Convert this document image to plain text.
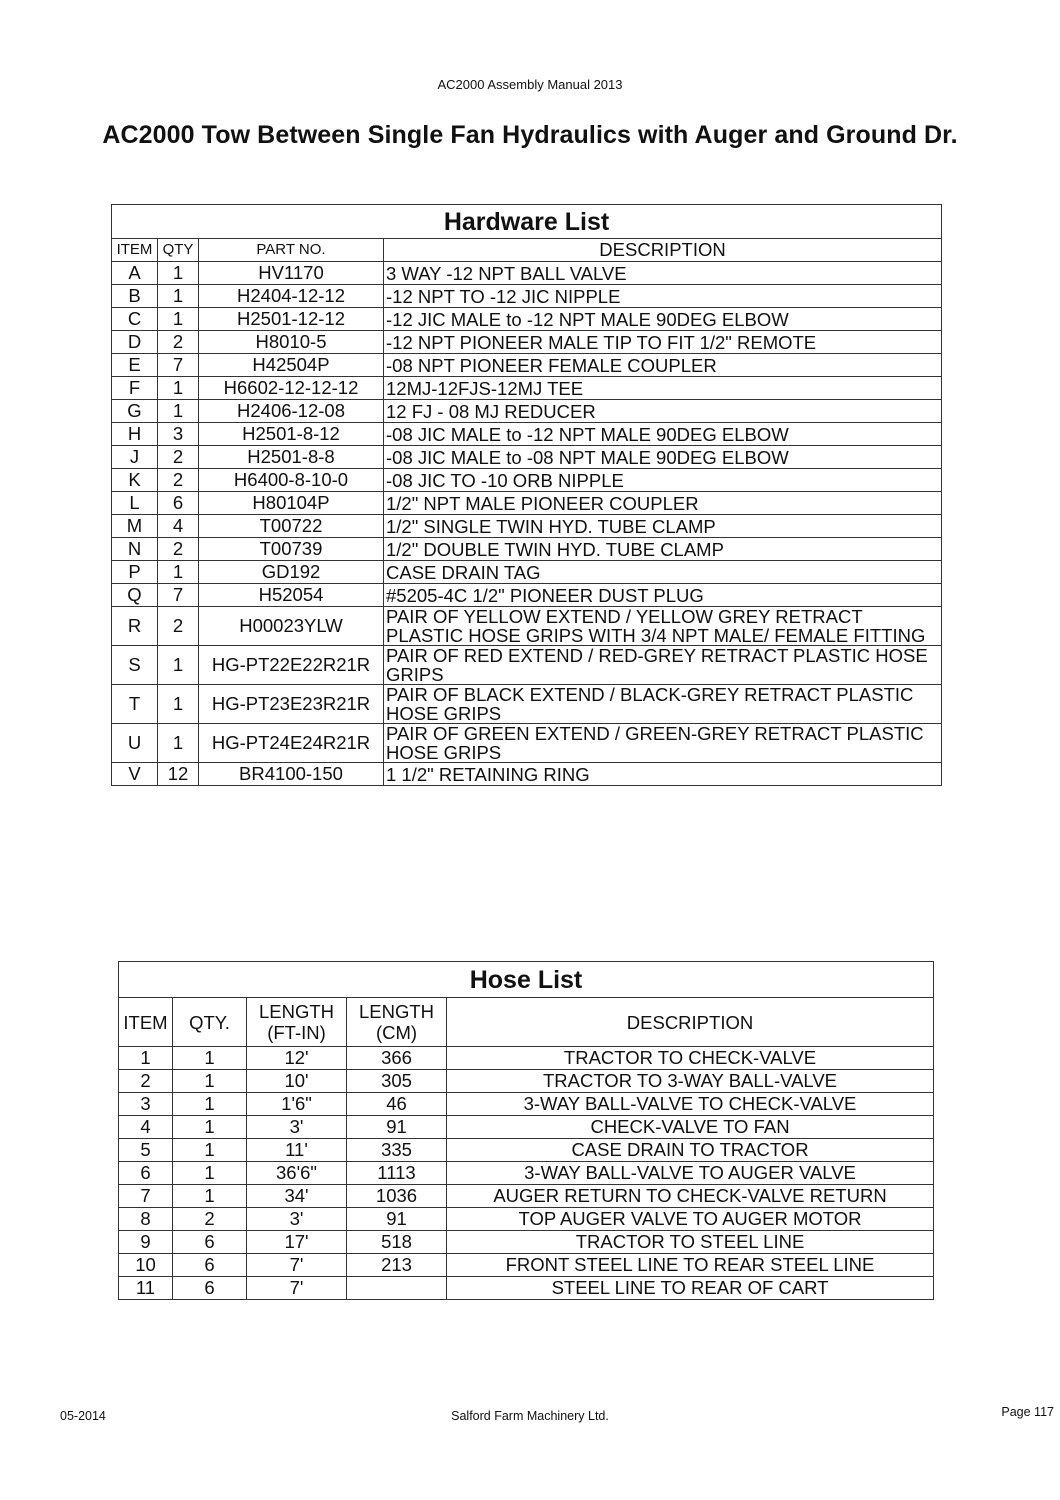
AC2000 Assembly Manual 2013
AC2000 Tow Between Single Fan Hydraulics with Auger and Ground Dr.
Hardware List			
ITEM	QTY	PART NO.	DESCRIPTION
A	1	HV1170	3 WAY -12 NPT BALL VALVE
B	1	H2404-12-12	-12 NPT TO -12 JIC NIPPLE
C	1	H2501-12-12	-12 JIC MALE to -12 NPT MALE 90DEG ELBOW
D	2	H8010-5	-12 NPT PIONEER MALE TIP TO FIT 1/2" REMOTE
E	7	H42504P	-08 NPT PIONEER FEMALE COUPLER
F	1	H6602-12-12-12	12MJ-12FJS-12MJ TEE
G	1	H2406-12-08	12 FJ - 08 MJ REDUCER
H	3	H2501-8-12	-08 JIC MALE to -12 NPT MALE 90DEG ELBOW
J	2	H2501-8-8	-08 JIC MALE to -08 NPT MALE 90DEG ELBOW
K	2	H6400-8-10-0	-08 JIC TO -10 ORB NIPPLE
L	6	H80104P	1/2" NPT MALE PIONEER COUPLER
M	4	T00722	1/2" SINGLE TWIN HYD. TUBE CLAMP
N	2	T00739	1/2" DOUBLE TWIN HYD. TUBE CLAMP
P	1	GD192	CASE DRAIN TAG
Q	7	H52054	#5205-4C 1/2" PIONEER DUST PLUG
R	2	H00023YLW	PAIR OF YELLOW EXTEND / YELLOW GREY RETRACT PLASTIC HOSE GRIPS WITH 3/4 NPT MALE/ FEMALE FITTING
S	1	HG-PT22E22R21R	PAIR OF RED EXTEND / RED-GREY RETRACT PLASTIC HOSE GRIPS
T	1	HG-PT23E23R21R	PAIR OF BLACK EXTEND / BLACK-GREY RETRACT PLASTIC HOSE GRIPS
U	1	HG-PT24E24R21R	PAIR OF GREEN EXTEND / GREEN-GREY RETRACT PLASTIC HOSE GRIPS
V	12	BR4100-150	1 1/2" RETAINING RING
Hose List				
ITEM	QTY.	LENGTH (FT-IN)	LENGTH (CM)	DESCRIPTION
1	1	12'	366	TRACTOR TO CHECK-VALVE
2	1	10'	305	TRACTOR TO 3-WAY BALL-VALVE
3	1	1'6"	46	3-WAY BALL-VALVE TO CHECK-VALVE
4	1	3'	91	CHECK-VALVE TO FAN
5	1	11'	335	CASE DRAIN TO TRACTOR
6	1	36'6"	1113	3-WAY BALL-VALVE TO AUGER VALVE
7	1	34'	1036	AUGER RETURN TO CHECK-VALVE RETURN
8	2	3'	91	TOP AUGER VALVE TO AUGER MOTOR
9	6	17'	518	TRACTOR TO STEEL LINE
10	6	7'	213	FRONT STEEL LINE TO REAR STEEL LINE
11	6	7'		STEEL LINE TO REAR OF CART
05-2014	Salford Farm Machinery Ltd.	Page 117
